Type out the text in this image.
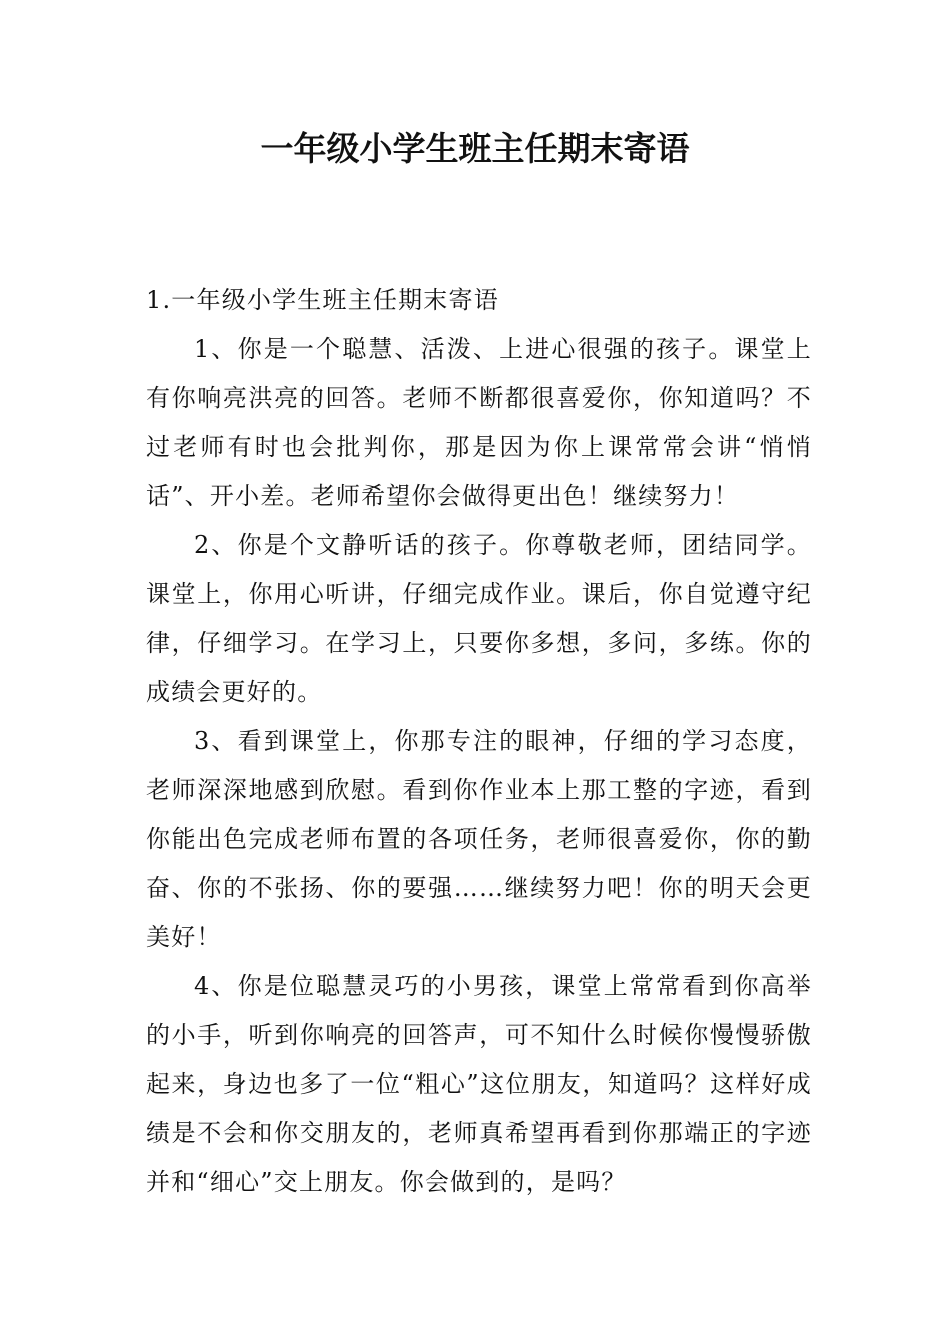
一年级小学生班主任期末寄语

1.一年级小学生班主任期末寄语

1、你是一个聪慧、活泼、上进心很强的孩子。课堂上有你响亮洪亮的回答。老师不断都很喜爱你，你知道吗？不过老师有时也会批判你，那是因为你上课常常会讲“悄悄话”、开小差。老师希望你会做得更出色！继续努力！

2、你是个文静听话的孩子。你尊敬老师，团结同学。课堂上，你用心听讲，仔细完成作业。课后，你自觉遵守纪律，仔细学习。在学习上，只要你多想，多问，多练。你的成绩会更好的。

3、看到课堂上，你那专注的眼神，仔细的学习态度，老师深深地感到欣慰。看到你作业本上那工整的字迹，看到你能出色完成老师布置的各项任务，老师很喜爱你，你的勤奋、你的不张扬、你的要强……继续努力吧！你的明天会更美好！

4、你是位聪慧灵巧的小男孩，课堂上常常看到你高举的小手，听到你响亮的回答声，可不知什么时候你慢慢骄傲起来，身边也多了一位“粗心”这位朋友，知道吗？这样好成绩是不会和你交朋友的，老师真希望再看到你那端正的字迹并和“细心”交上朋友。你会做到的，是吗？
